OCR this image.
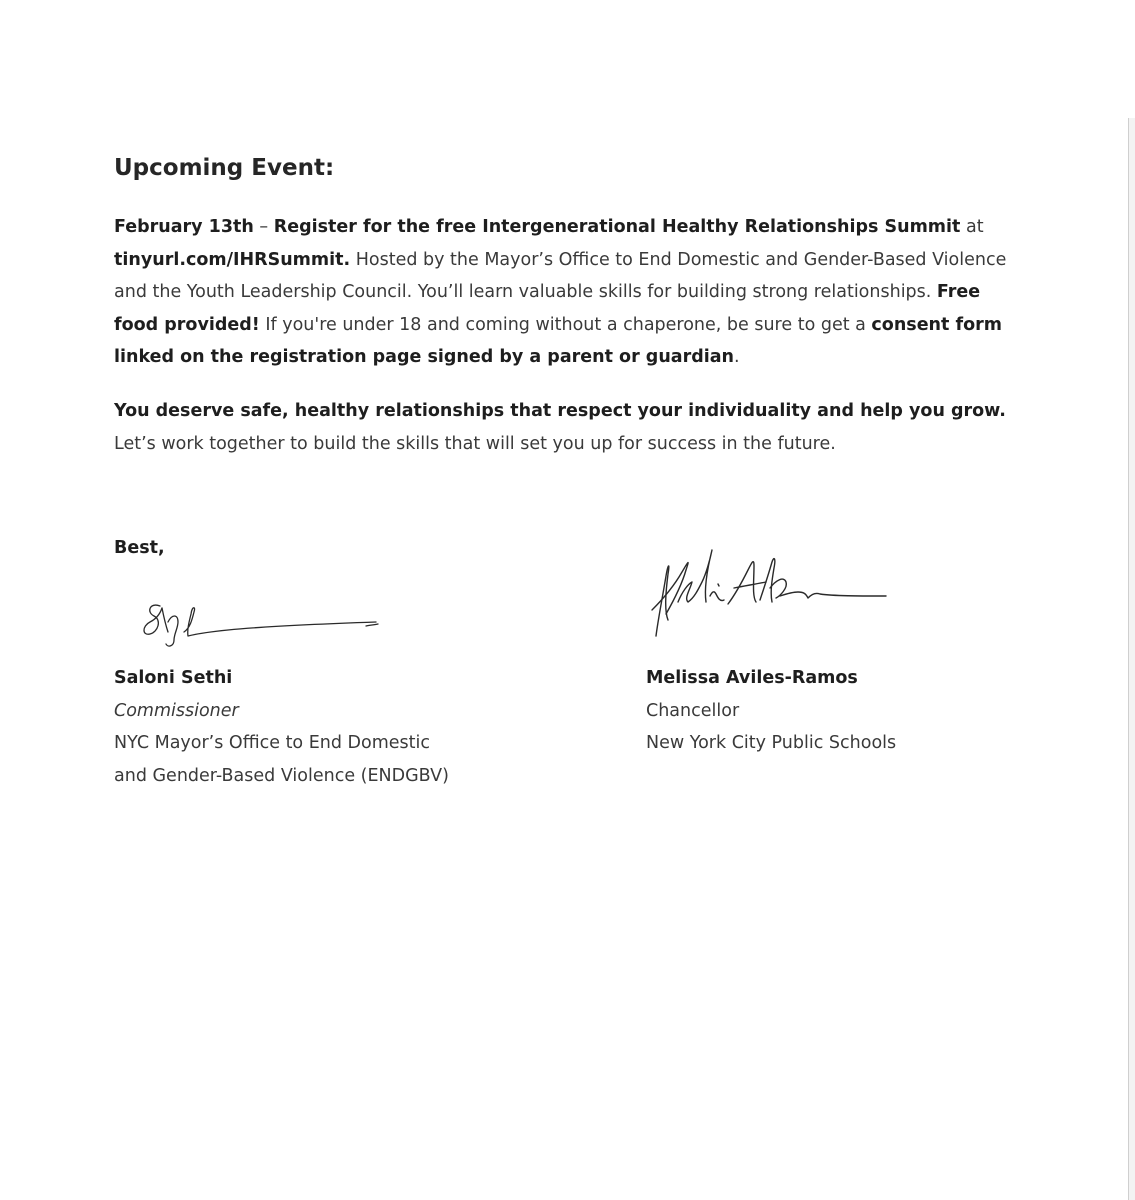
Upcoming Event:

February 13th – Register for the free Intergenerational Healthy Relationships Summit at tinyurl.com/IHRSummit. Hosted by the Mayor’s Office to End Domestic and Gender-Based Violence and the Youth Leadership Council. You’ll learn valuable skills for building strong relationships. Free food provided! If you're under 18 and coming without a chaperone, be sure to get a consent form linked on the registration page signed by a parent or guardian.

You deserve safe, healthy relationships that respect your individuality and help you grow. Let’s work together to build the skills that will set you up for success in the future.

Best,
Saloni Sethi
Commissioner
NYC Mayor’s Office to End Domestic
and Gender-Based Violence (ENDGBV)
Melissa Aviles-Ramos
Chancellor
New York City Public Schools
